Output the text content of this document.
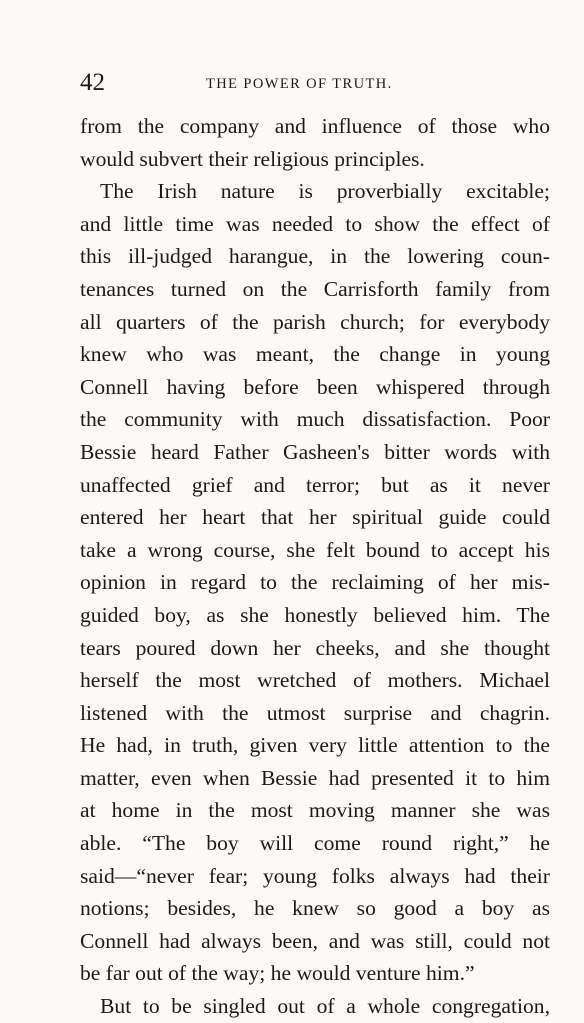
42	THE POWER OF TRUTH.
from the company and influence of those who
would subvert their religious principles.
The Irish nature is proverbially excitable;
and little time was needed to show the effect of
this ill-judged harangue, in the lowering coun-
tenances turned on the Carrisforth family from
all quarters of the parish church; for everybody
knew who was meant, the change in young
Connell having before been whispered through
the community with much dissatisfaction. Poor
Bessie heard Father Gasheen's bitter words with
unaffected grief and terror; but as it never
entered her heart that her spiritual guide could
take a wrong course, she felt bound to accept his
opinion in regard to the reclaiming of her mis-
guided boy, as she honestly believed him. The
tears poured down her cheeks, and she thought
herself the most wretched of mothers. Michael
listened with the utmost surprise and chagrin.
He had, in truth, given very little attention to the
matter, even when Bessie had presented it to him
at home in the most moving manner she was
able. “The boy will come round right,” he
said—“never fear; young folks always had their
notions; besides, he knew so good a boy as
Connell had always been, and was still, could not
be far out of the way; he would venture him.”
But to be singled out of a whole congregation,
